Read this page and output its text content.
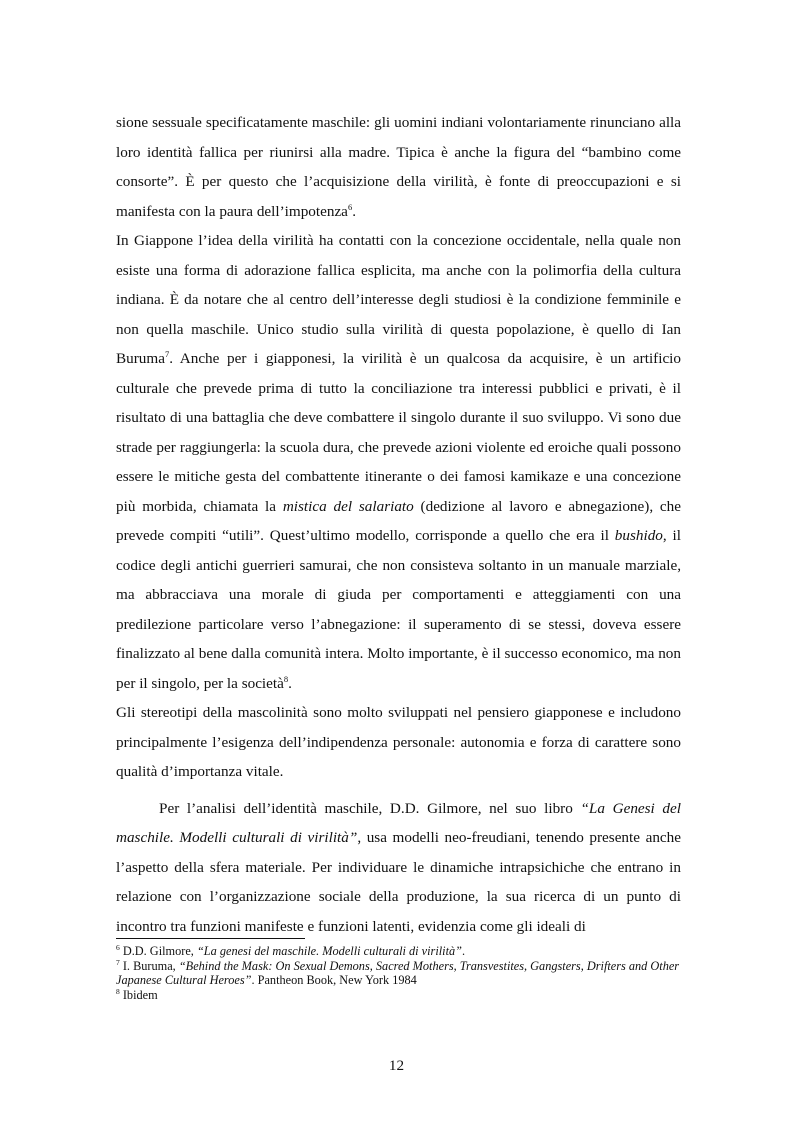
sione sessuale specificatamente maschile: gli uomini indiani volontariamente rinunciano alla loro identità fallica per riunirsi alla madre. Tipica è anche la figura del “bambino come consorte”. È per questo che l’acquisizione della virilità, è fonte di preoccupazioni e si manifesta con la paura dell’impotenza$^6$.

In Giappone l’idea della virilità ha contatti con la concezione occidentale, nella quale non esiste una forma di adorazione fallica esplicita, ma anche con la polimorfia della cultura indiana. È da notare che al centro dell’interesse degli studiosi è la condizione femminile e non quella maschile. Unico studio sulla virilità di questa popolazione, è quello di Ian Buruma$^7$. Anche per i giapponesi, la virilità è un qualcosa da acquisire, è un artificio culturale che prevede prima di tutto la conciliazione tra interessi pubblici e privati, è il risultato di una battaglia che deve combattere il singolo durante il suo sviluppo. Vi sono due strade per raggiungerla: la scuola dura, che prevede azioni violente ed eroiche quali possono essere le mitiche gesta del combattente itinerante o dei famosi kamikaze e una concezione più morbida, chiamata la mistica del salariato (dedizione al lavoro e abnegazione), che prevede compiti “utili”. Quest’ultimo modello, corrisponde a quello che era il bushido, il codice degli antichi guerrieri samurai, che non consisteva soltanto in un manuale marziale, ma abbracciava una morale di giuda per comportamenti e atteggiamenti con una predilezione particolare verso l’abnegazione: il superamento di se stessi, doveva essere finalizzato al bene dalla comunità intera. Molto importante, è il successo economico, ma non per il singolo, per la società$^8$.

Gli stereotipi della mascolinità sono molto sviluppati nel pensiero giapponese e includono principalmente l’esigenza dell’indipendenza personale: autonomia e forza di carattere sono qualità d’importanza vitale.

Per l’analisi dell’identità maschile, D.D. Gilmore, nel suo libro “La Genesi del maschile. Modelli culturali di virilità”, usa modelli neo-freudiani, tenendo presente anche l’aspetto della sfera materiale. Per individuare le dinamiche intrapsichiche che entrano in relazione con l’organizzazione sociale della produzione, la sua ricerca di un punto di incontro tra funzioni manifeste e funzioni latenti, evidenzia come gli ideali di

$^6$ D.D. Gilmore, “La genesi del maschile. Modelli culturali di virilità”.

$^7$ I. Buruma, “Behind the Mask: On Sexual Demons, Sacred Mothers, Transvestites, Gangsters, Drifters and Other Japanese Cultural Heroes”. Pantheon Book, New York 1984

$^8$ Ibidem

12
